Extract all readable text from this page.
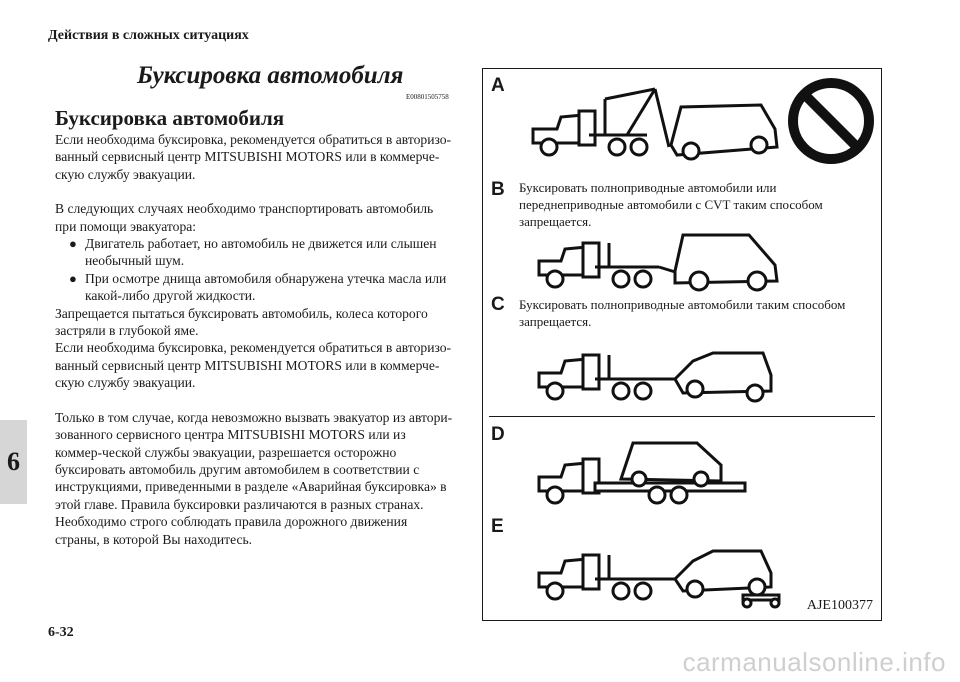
Действия в сложных ситуациях
Буксировка автомобиля
E00801505758
Буксировка автомобиля

Если необходима буксировка, рекомендуется обратиться в авторизо-ванный сервисный центр MITSUBISHI MOTORS или в коммерче-скую службу эвакуации.

В следующих случаях необходимо транспортировать автомобиль при помощи эвакуатора:

● Двигатель работает, но автомобиль не движется или слышен необычный шум.

● При осмотре днища автомобиля обнаружена утечка масла или какой-либо другой жидкости.

Запрещается пытаться буксировать автомобиль, колеса которого застряли в глубокой яме.

Если необходима буксировка, рекомендуется обратиться в авторизо-ванный сервисный центр MITSUBISHI MOTORS или в коммерче-скую службу эвакуации.

Только в том случае, когда невозможно вызвать эвакуатор из автори-зованного сервисного центра MITSUBISHI MOTORS или из коммер-ческой службы эвакуации, разрешается осторожно буксировать автомобиль другим автомобилем в соответствии с инструкциями, приведенными в разделе «Аварийная буксировка» в этой главе. Правила буксировки различаются в разных странах. Необходимо строго соблюдать правила дорожного движения страны, в которой Вы находитесь.

6
6-32
A
B
C
D
E
Буксировать полноприводные автомобили или переднеприводные автомобили с CVT таким способом запрещается.
Буксировать полноприводные автомобили таким способом запрещается.
AJE100377
carmanualsonline.info
